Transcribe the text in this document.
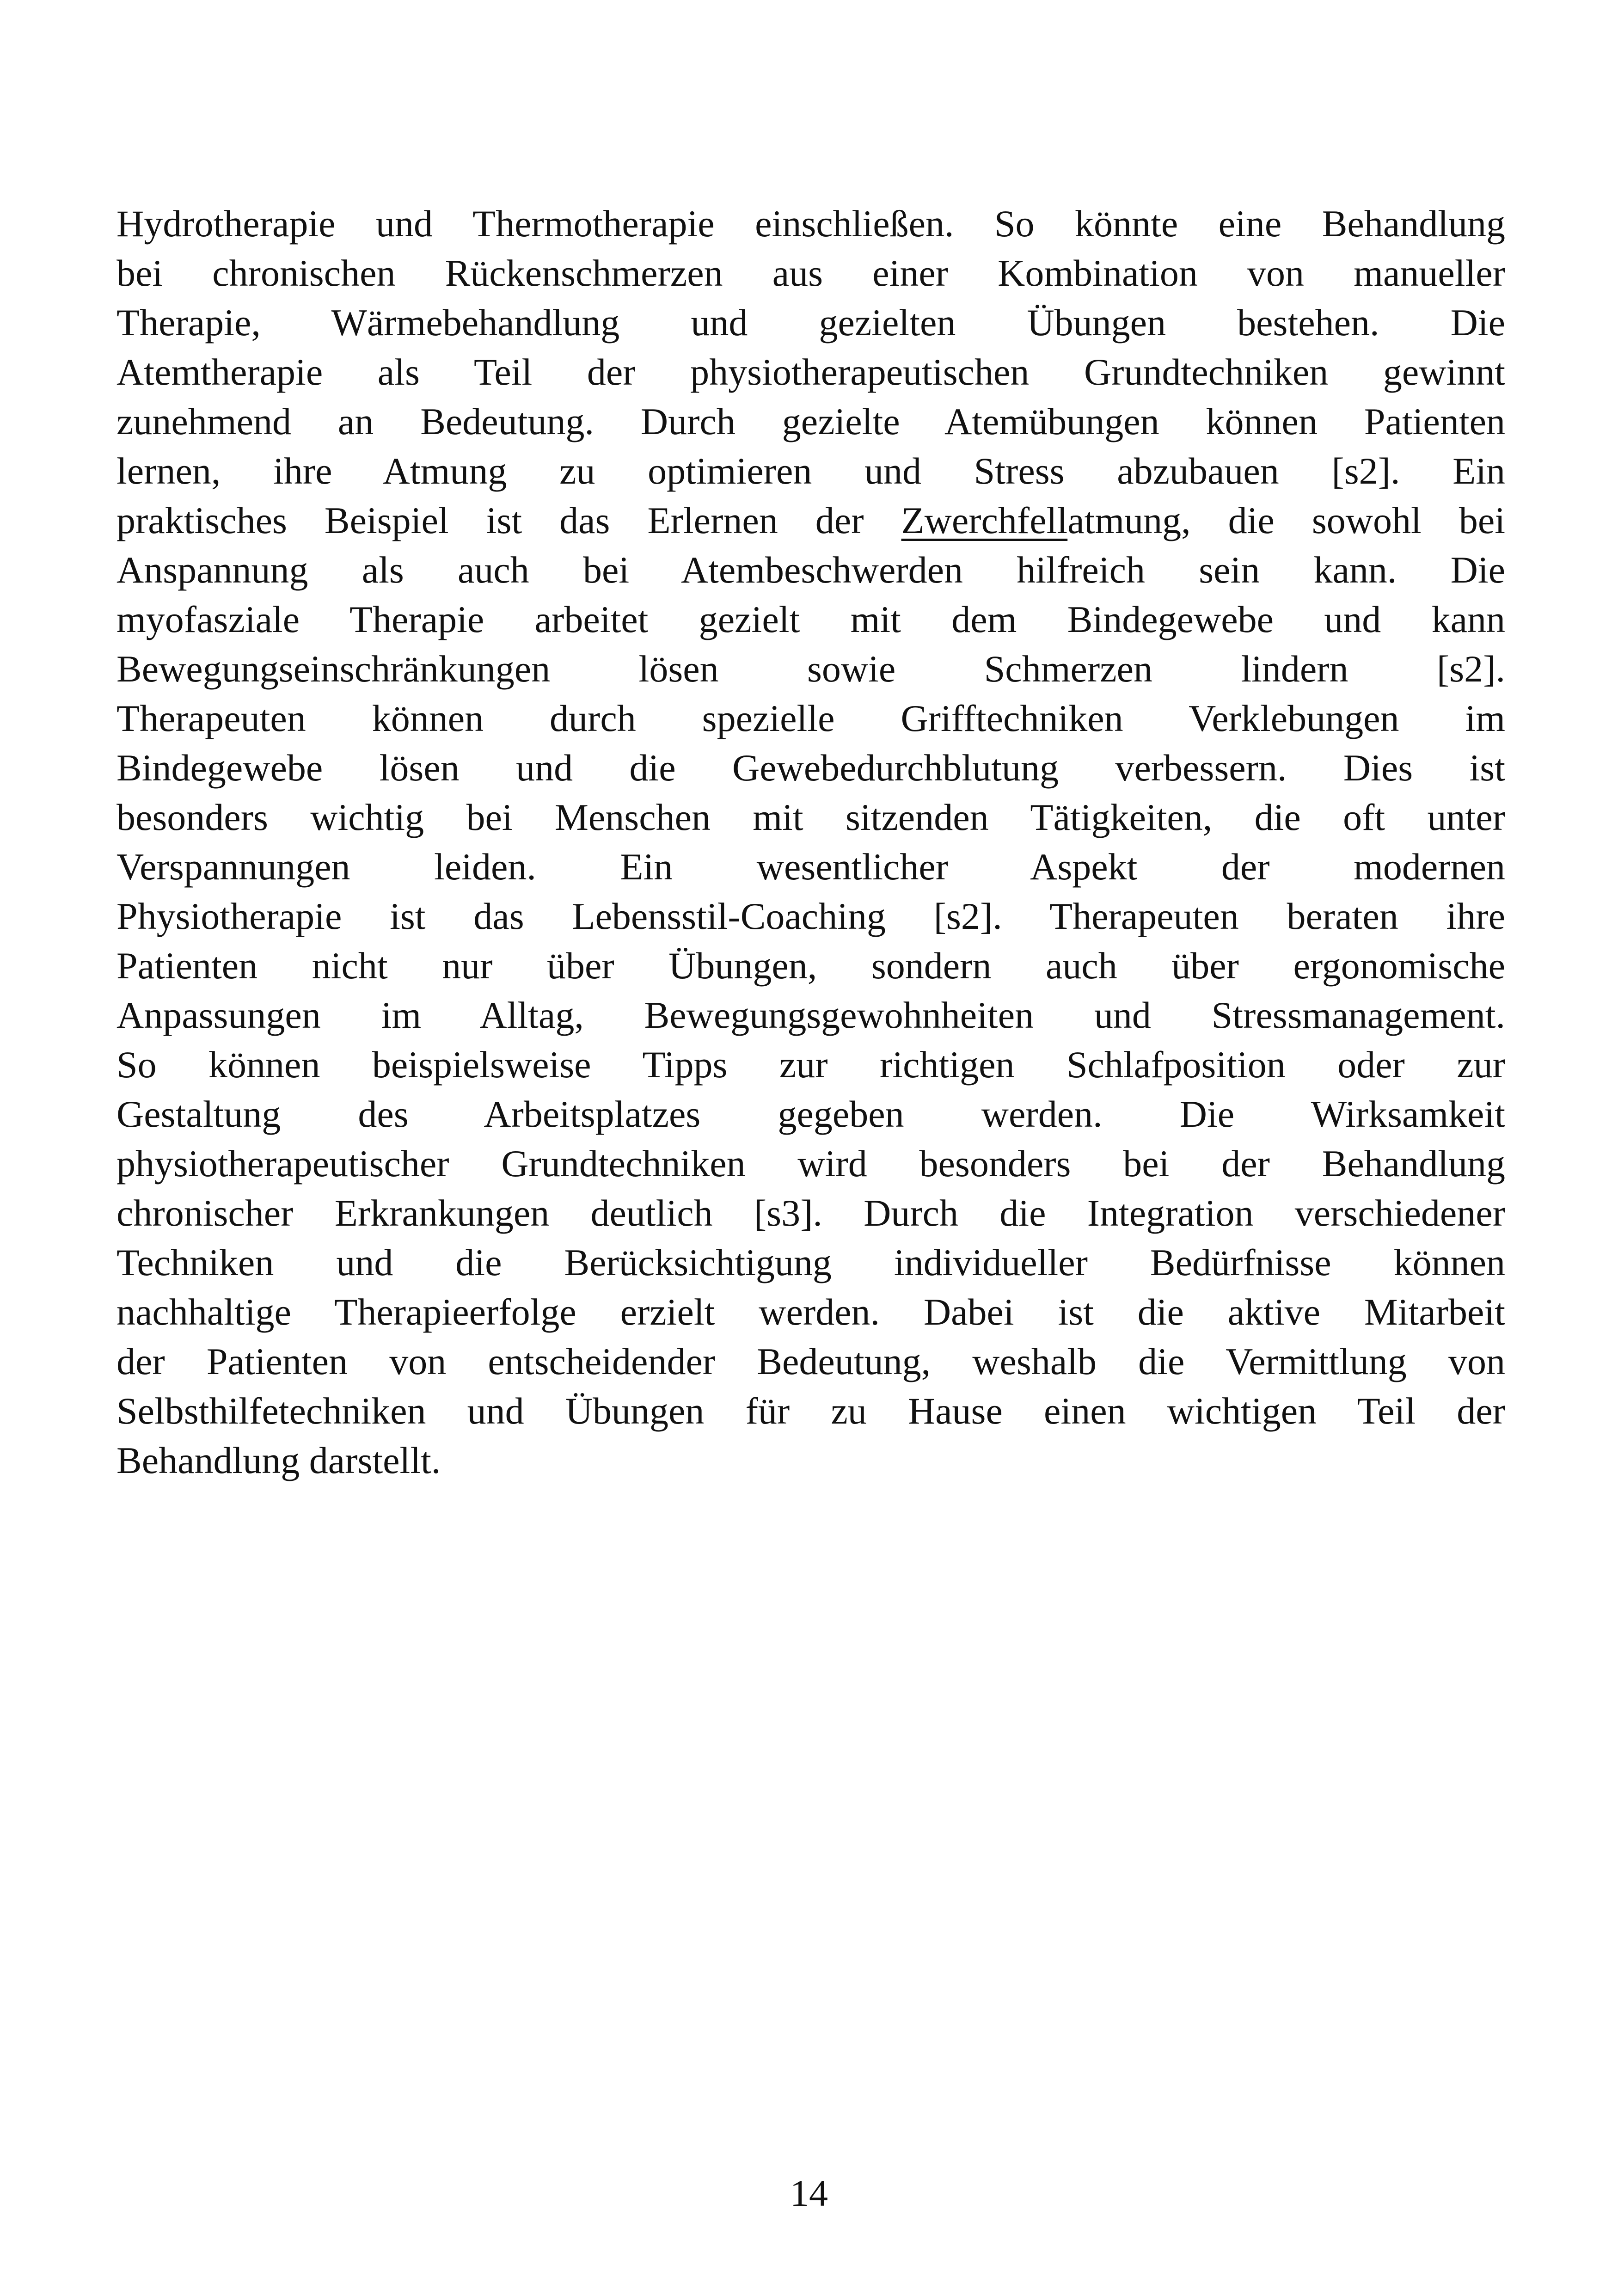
Hydrotherapie und Thermotherapie einschließen. So könnte eine Behandlung
bei chronischen Rückenschmerzen aus einer Kombination von manueller
Therapie, Wärmebehandlung und gezielten Übungen bestehen. Die
Atemtherapie als Teil der physiotherapeutischen Grundtechniken gewinnt
zunehmend an Bedeutung. Durch gezielte Atemübungen können Patienten
lernen, ihre Atmung zu optimieren und Stress abzubauen [s2]. Ein
praktisches Beispiel ist das Erlernen der Zwerchfellatmung, die sowohl bei
Anspannung als auch bei Atembeschwerden hilfreich sein kann. Die
myofasziale Therapie arbeitet gezielt mit dem Bindegewebe und kann
Bewegungseinschränkungen lösen sowie Schmerzen lindern [s2].
Therapeuten können durch spezielle Grifftechniken Verklebungen im
Bindegewebe lösen und die Gewebedurchblutung verbessern. Dies ist
besonders wichtig bei Menschen mit sitzenden Tätigkeiten, die oft unter
Verspannungen leiden. Ein wesentlicher Aspekt der modernen
Physiotherapie ist das Lebensstil-Coaching [s2]. Therapeuten beraten ihre
Patienten nicht nur über Übungen, sondern auch über ergonomische
Anpassungen im Alltag, Bewegungsgewohnheiten und Stressmanagement.
So können beispielsweise Tipps zur richtigen Schlafposition oder zur
Gestaltung des Arbeitsplatzes gegeben werden. Die Wirksamkeit
physiotherapeutischer Grundtechniken wird besonders bei der Behandlung
chronischer Erkrankungen deutlich [s3]. Durch die Integration verschiedener
Techniken und die Berücksichtigung individueller Bedürfnisse können
nachhaltige Therapieerfolge erzielt werden. Dabei ist die aktive Mitarbeit
der Patienten von entscheidender Bedeutung, weshalb die Vermittlung von
Selbsthilfetechniken und Übungen für zu Hause einen wichtigen Teil der
Behandlung darstellt.
14
